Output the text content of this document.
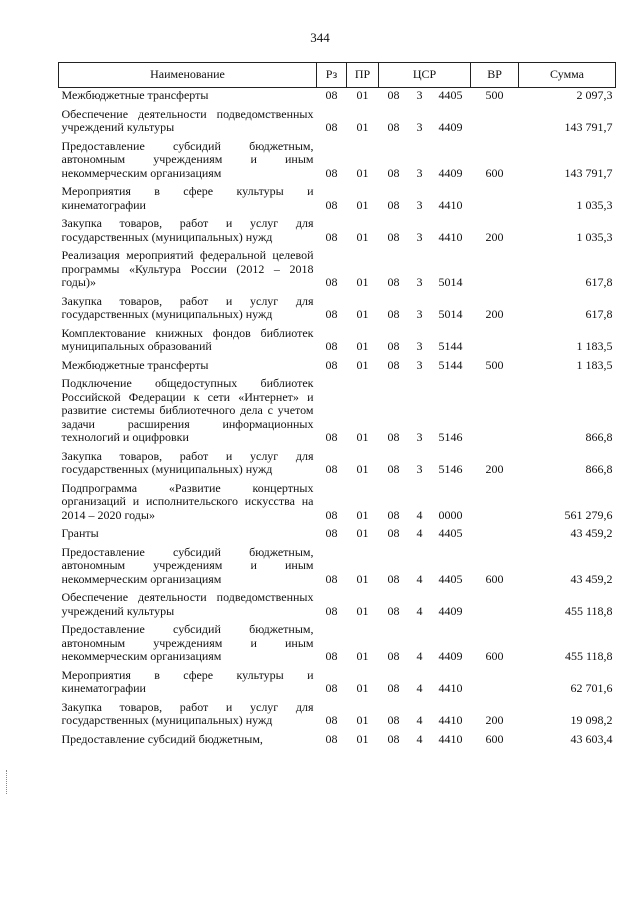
344
Наименование	Рз	ПР	ЦСР			ВР	Сумма
Межбюджетные трансферты	08	01	08	3	4405	500	2 097,3
Обеспечение деятельности подведомственных учреждений культуры	08	01	08	3	4409		143 791,7
Предоставление субсидий бюджетным, автономным учреждениям и иным некоммерческим организациям	08	01	08	3	4409	600	143 791,7
Мероприятия в сфере культуры и кинематографии	08	01	08	3	4410		1 035,3
Закупка товаров, работ и услуг для государственных (муниципальных) нужд	08	01	08	3	4410	200	1 035,3
Реализация мероприятий федеральной целевой программы «Культура России (2012 – 2018 годы)»	08	01	08	3	5014		617,8
Закупка товаров, работ и услуг для государственных (муниципальных) нужд	08	01	08	3	5014	200	617,8
Комплектование книжных фондов библиотек муниципальных образований	08	01	08	3	5144		1 183,5
Межбюджетные трансферты	08	01	08	3	5144	500	1 183,5
Подключение общедоступных библиотек Российской Федерации к сети «Интернет» и развитие системы библиотечного дела с учетом задачи расширения информационных технологий и оцифровки	08	01	08	3	5146		866,8
Закупка товаров, работ и услуг для государственных (муниципальных) нужд	08	01	08	3	5146	200	866,8
Подпрограмма «Развитие концертных организаций и исполнительского искусства на 2014 – 2020 годы»	08	01	08	4	0000		561 279,6
Гранты	08	01	08	4	4405		43 459,2
Предоставление субсидий бюджетным, автономным учреждениям и иным некоммерческим организациям	08	01	08	4	4405	600	43 459,2
Обеспечение деятельности подведомственных учреждений культуры	08	01	08	4	4409		455 118,8
Предоставление субсидий бюджетным, автономным учреждениям и иным некоммерческим организациям	08	01	08	4	4409	600	455 118,8
Мероприятия в сфере культуры и кинематографии	08	01	08	4	4410		62 701,6
Закупка товаров, работ и услуг для государственных (муниципальных) нужд	08	01	08	4	4410	200	19 098,2
Предоставление субсидий бюджетным,	08	01	08	4	4410	600	43 603,4
